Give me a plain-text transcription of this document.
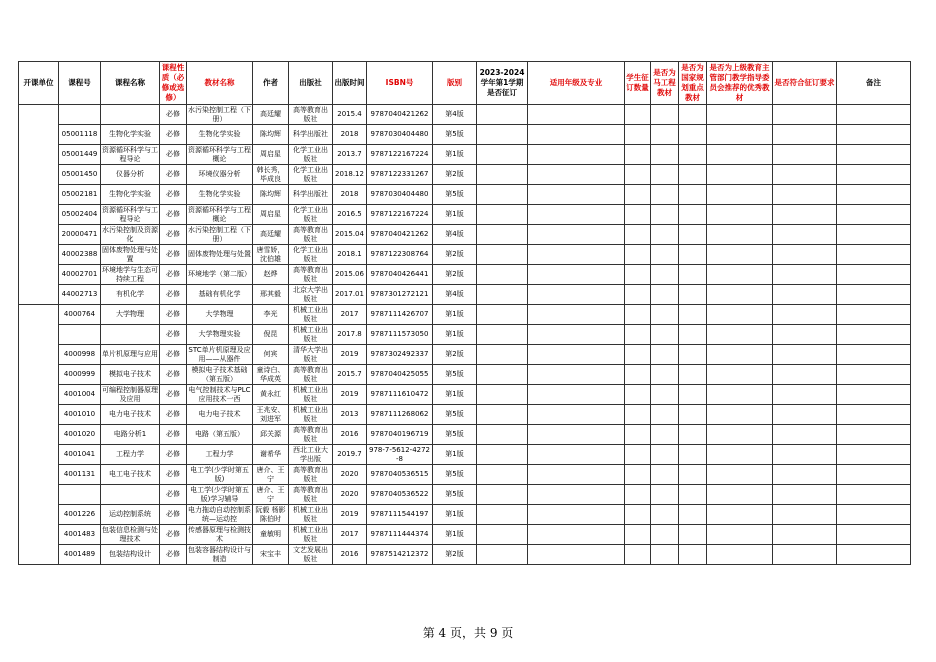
开课单位	课程号	课程名称	课程性质（必修或选修）	教材名称	作者	出版社	出版时间	ISBN号	版别	2023-2024学年第1学期是否征订	适用年级及专业	学生征订数量	是否为马工程教材	是否为国家规划重点教材	是否为上级教育主管部门教学指导委员会推荐的优秀教材	是否符合征订要求	备注
			必修	水污染控制工程（下册）	高廷耀	高等教育出版社	2015.4	9787040421262	第4版								
	05001118	生物化学实验	必修	生物化学实验	陈均辉	科学出版社	2018	9787030404480	第5版								
	05001449	资源循环科学与工程导论	必修	资源循环科学与工程概论	周启星	化学工业出版社	2013.7	9787122167224	第1版								
	05001450	仪器分析	必修	环境仪器分析	韩长秀，毕成良	化学工业出版社	2018.12	9787122331267	第2版								
	05002181	生物化学实验	必修	生物化学实验	陈均辉	科学出版社	2018	9787030404480	第5版								
	05002404	资源循环科学与工程导论	必修	资源循环科学与工程概论	周启星	化学工业出版社	2016.5	9787122167224	第1版								
	20000471	水污染控制及资源化	必修	水污染控制工程（下册）	高廷耀	高等教育出版社	2015.04	9787040421262	第4版								
	40002388	固体废物处理与处置	必修	固体废物处理与处置	唐雪娇，沈伯雄	化学工业出版社	2018.1	9787122308764	第2版								
	40002701	环境地学与生态可持续工程	必修	环境地学（第二版）	赵烨	高等教育出版社	2015.06	9787040426441	第2版								
	44002713	有机化学	必修	基础有机化学	邢其毅	北京大学出版社	2017.01	9787301272121	第4版								
	4000764	大学物理	必修	大学物理	李光	机械工业出版社	2017	9787111426707	第1版								
			必修	大学物理实验	倪昆	机械工业出版社	2017.8	9787111573050	第1版								
	4000998	单片机原理与应用	必修	STC单片机原理及应用——从器件	何宾	清华大学出版社	2019	9787302492337	第2版								
	4000999	模拟电子技术	必修	模拟电子技术基础（第五版）	童诗白、华成英	高等教育出版社	2015.7	9787040425055	第5版								
	4001004	可编程控制器原理及应用	必修	电气控制技术与PLC应用技术一西	黄永红	机械工业出版社	2019	9787111610472	第1版								
	4001010	电力电子技术	必修	电力电子技术	王兆安、刘进军	机械工业出版社	2013	9787111268062	第5版								
	4001020	电路分析1	必修	电路（第五版）	邱关源	高等教育出版社	2016	9787040196719	第5版								
	4001041	工程力学	必修	工程力学	谢希华	西北工业大学出版	2019.7	978-7-5612-4272-8	第1版								
	4001131	电工电子技术	必修	电工学(少学时第五版)	唐介、王宁	高等教育出版社	2020	9787040536515	第5版								
			必修	电工学(少学时第五版)学习辅导	唐介、王宁	高等教育出版社	2020	9787040536522	第5版								
	4001226	运动控制系统	必修	电力拖动自动控制系统—运动控	阮毅 杨影 陈伯时	机械工业出版社	2019	9787111544197	第1版								
	4001483	包装信息检测与处理技术	必修	传感器原理与检测技术	童敏明	机械工业出版社	2017	9787111444374	第1版								
	4001489	包装结构设计	必修	包装容器结构设计与制造	宋宝丰	文艺发展出版社	2016	9787514212372	第2版								
第 4 页，共 9 页
